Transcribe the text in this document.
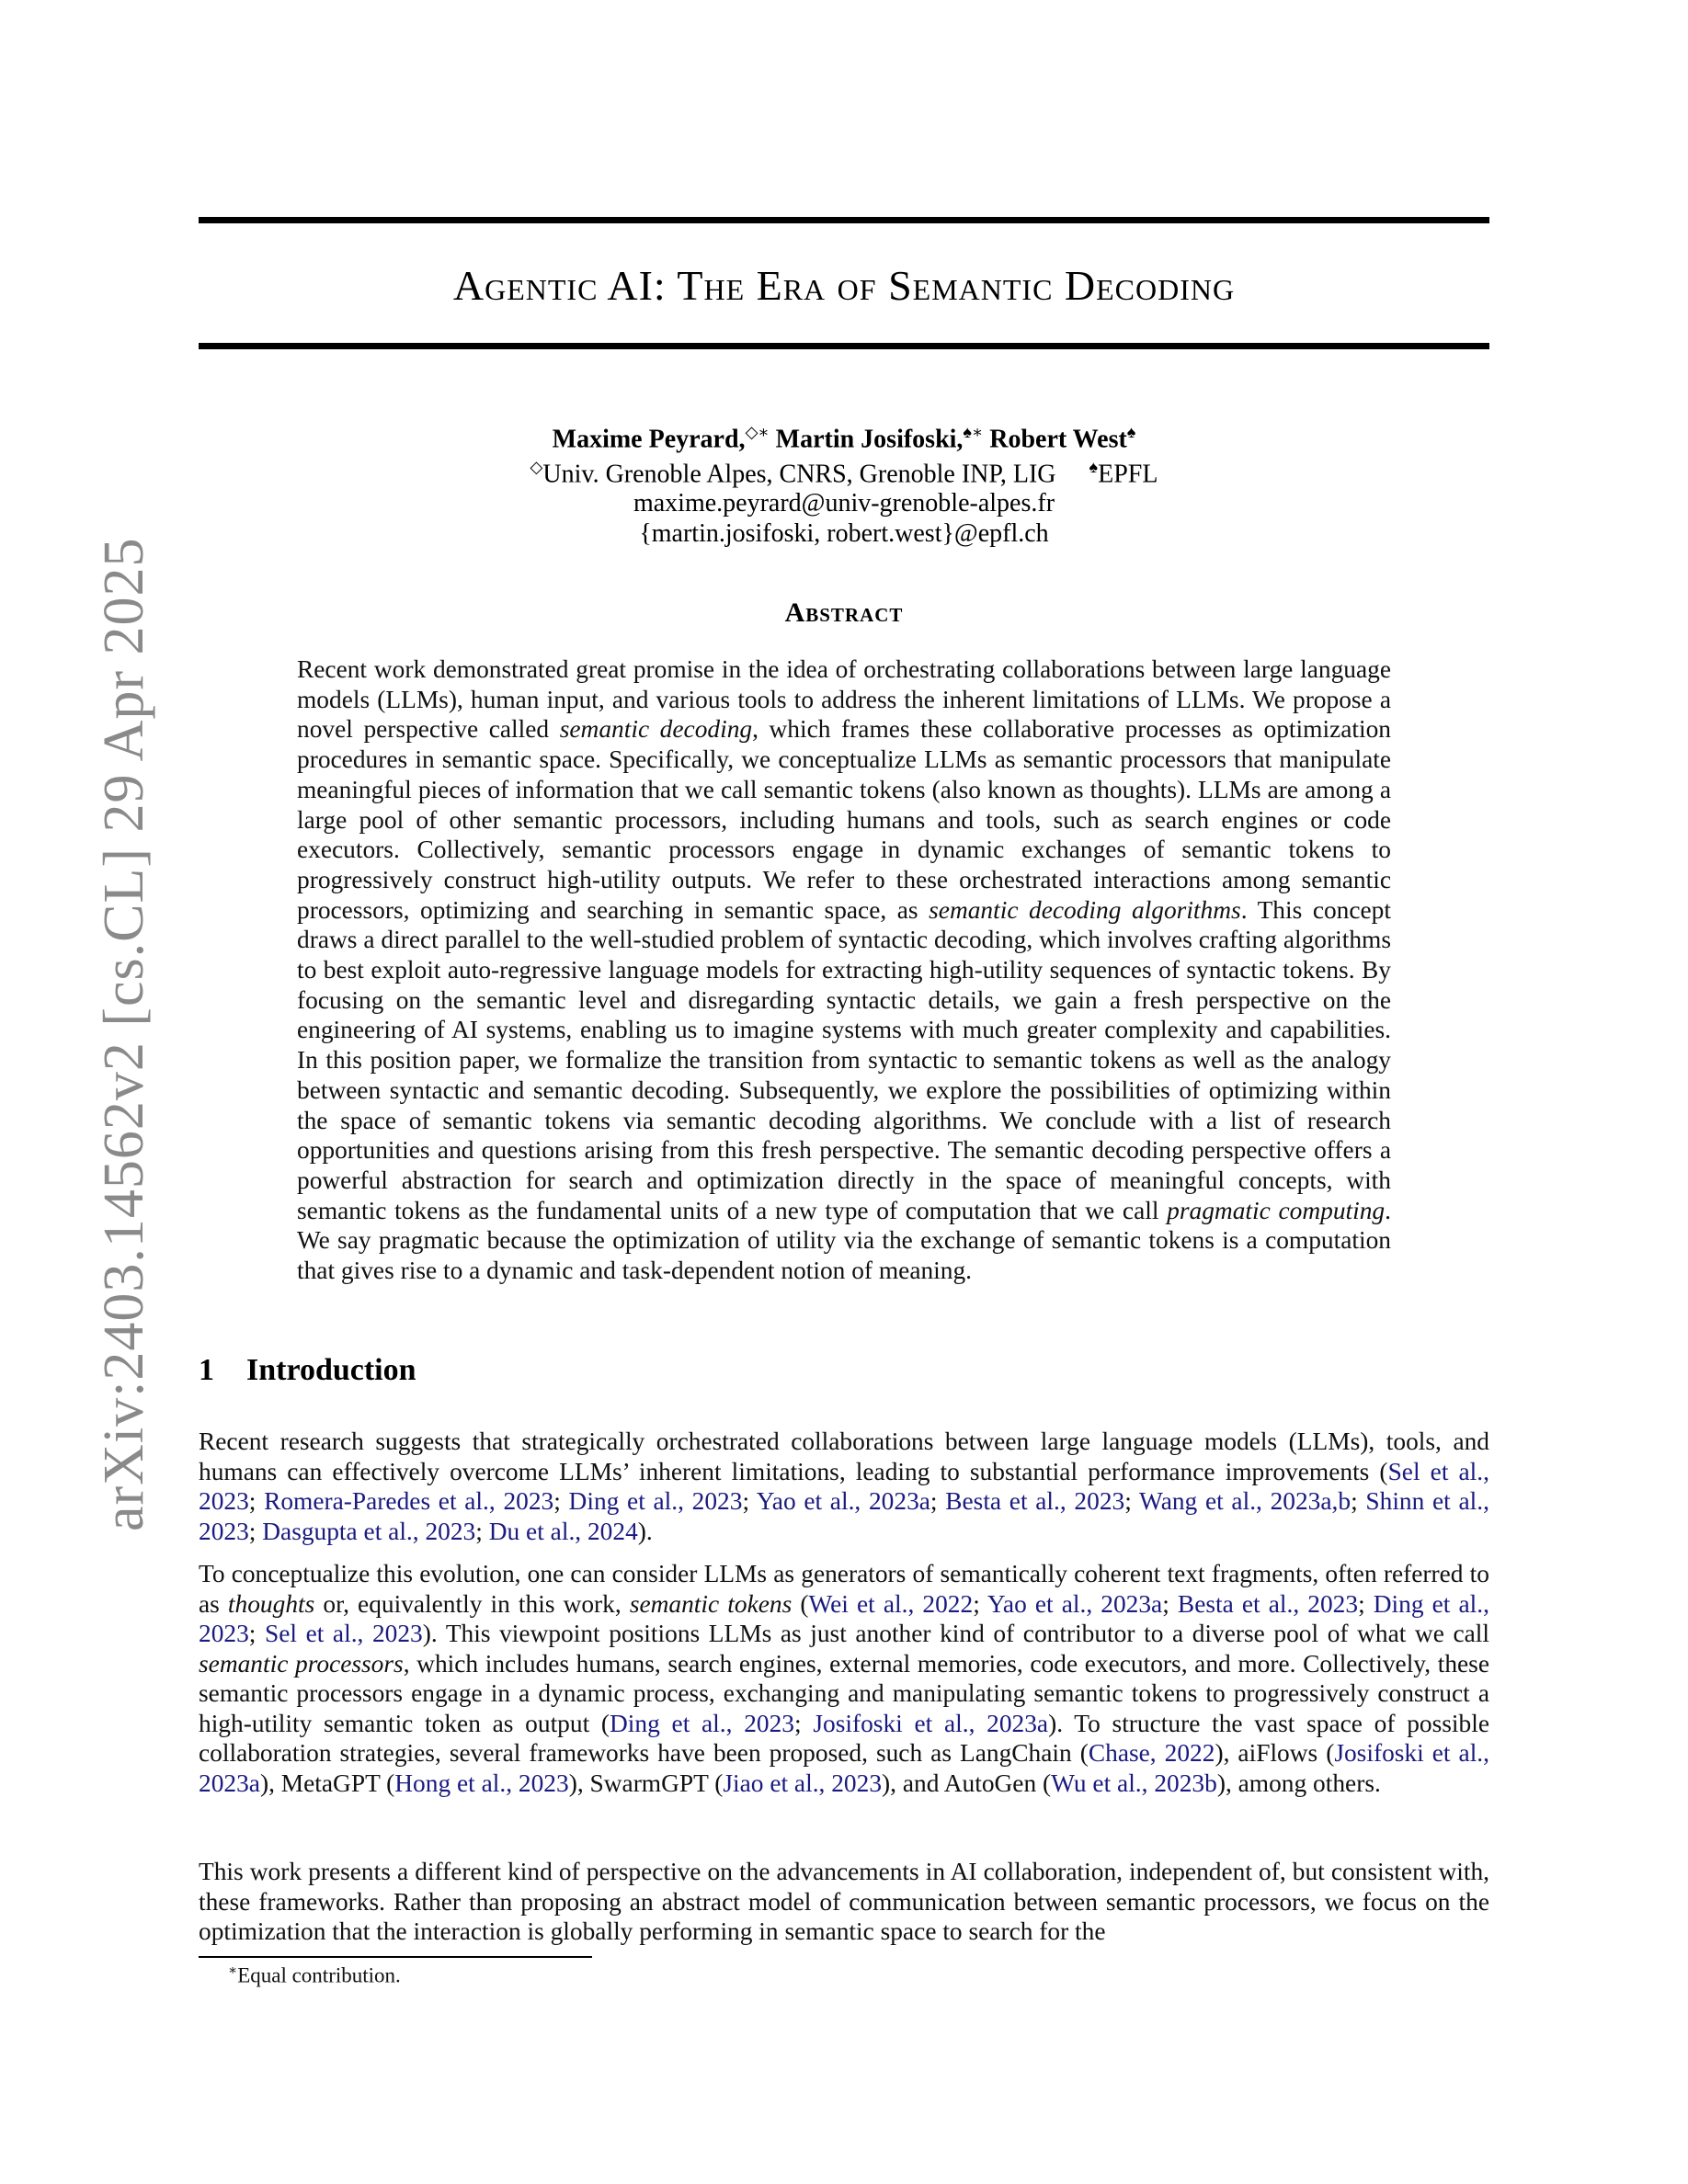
arXiv:2403.14562v2 [cs.CL] 29 Apr 2025
Agentic AI: The Era of Semantic Decoding
Maxime Peyrard,◇∗ Martin Josifoski,♠∗ Robert West♠
◇Univ. Grenoble Alpes, CNRS, Grenoble INP, LIG ♠EPFL
maxime.peyrard@univ-grenoble-alpes.fr
{martin.josifoski, robert.west}@epfl.ch
Abstract
Recent work demonstrated great promise in the idea of orchestrating collaborations between large language models (LLMs), human input, and various tools to address the inherent limitations of LLMs. We propose a novel perspective called semantic decoding, which frames these collaborative processes as optimization procedures in semantic space. Specifically, we conceptualize LLMs as semantic processors that manipulate meaningful pieces of information that we call semantic tokens (also known as thoughts). LLMs are among a large pool of other semantic processors, including humans and tools, such as search engines or code executors. Collectively, semantic processors engage in dynamic exchanges of semantic tokens to progressively construct high-utility outputs. We refer to these orchestrated interactions among semantic processors, optimizing and searching in semantic space, as semantic decoding algorithms. This concept draws a direct parallel to the well-studied problem of syntactic decoding, which involves crafting algorithms to best exploit auto-regressive language models for extracting high-utility sequences of syntactic tokens. By focusing on the semantic level and disregarding syntactic details, we gain a fresh perspective on the engineering of AI systems, enabling us to imagine systems with much greater complexity and capabilities. In this position paper, we formalize the transition from syntactic to semantic tokens as well as the analogy between syntactic and semantic decoding. Subsequently, we explore the possibilities of optimizing within the space of semantic tokens via semantic decoding algorithms. We conclude with a list of research opportunities and questions arising from this fresh perspective. The semantic decoding perspective offers a powerful abstraction for search and optimization directly in the space of meaningful concepts, with semantic tokens as the fundamental units of a new type of computation that we call pragmatic computing. We say pragmatic because the optimization of utility via the exchange of semantic tokens is a computation that gives rise to a dynamic and task-dependent notion of meaning.
1 Introduction
Recent research suggests that strategically orchestrated collaborations between large language models (LLMs), tools, and humans can effectively overcome LLMs’ inherent limitations, leading to substantial performance improvements (Sel et al., 2023; Romera-Paredes et al., 2023; Ding et al., 2023; Yao et al., 2023a; Besta et al., 2023; Wang et al., 2023a,b; Shinn et al., 2023; Dasgupta et al., 2023; Du et al., 2024).
To conceptualize this evolution, one can consider LLMs as generators of semantically coherent text fragments, often referred to as thoughts or, equivalently in this work, semantic tokens (Wei et al., 2022; Yao et al., 2023a; Besta et al., 2023; Ding et al., 2023; Sel et al., 2023). This viewpoint positions LLMs as just another kind of contributor to a diverse pool of what we call semantic processors, which includes humans, search engines, external memories, code executors, and more. Collectively, these semantic processors engage in a dynamic process, exchanging and manipulating semantic tokens to progressively construct a high-utility semantic token as output (Ding et al., 2023; Josifoski et al., 2023a). To structure the vast space of possible collaboration strategies, several frameworks have been proposed, such as LangChain (Chase, 2022), aiFlows (Josifoski et al., 2023a), MetaGPT (Hong et al., 2023), SwarmGPT (Jiao et al., 2023), and AutoGen (Wu et al., 2023b), among others.
This work presents a different kind of perspective on the advancements in AI collaboration, independent of, but consistent with, these frameworks. Rather than proposing an abstract model of communication between semantic processors, we focus on the optimization that the interaction is globally performing in semantic space to search for the
∗Equal contribution.
